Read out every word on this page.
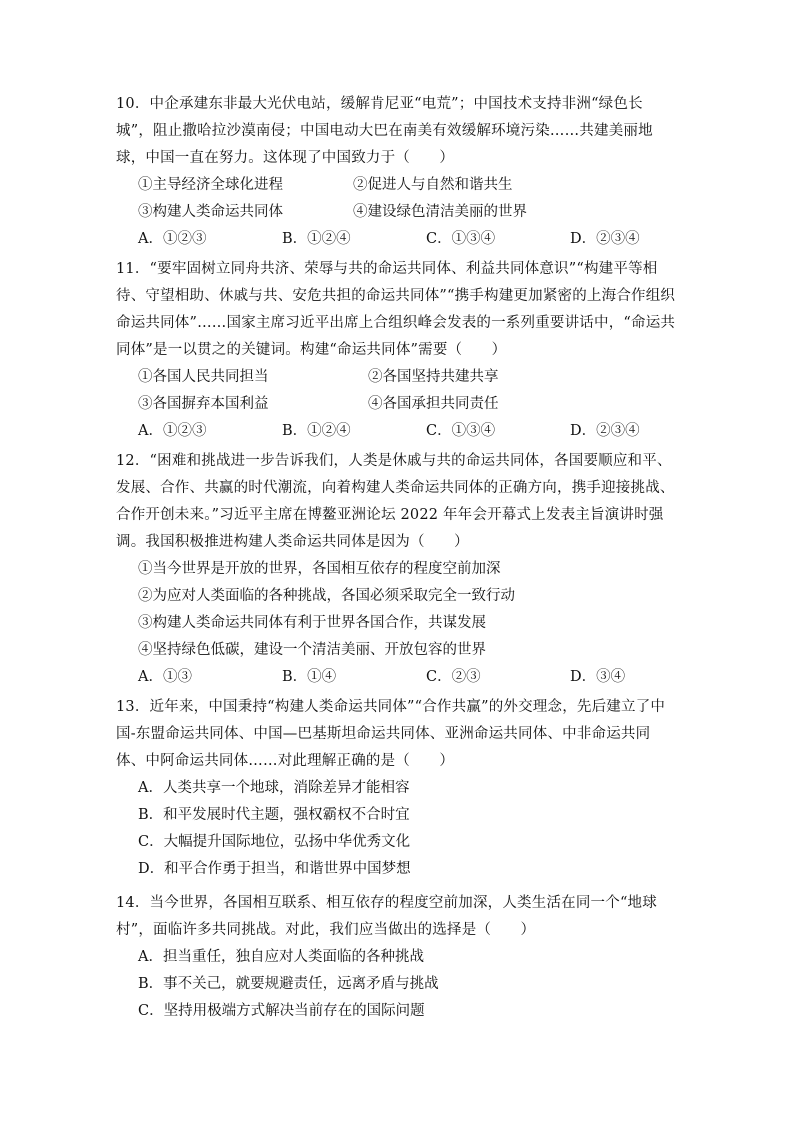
10．中企承建东非最大光伏电站，缓解肯尼亚“电荒”；中国技术支持非洲“绿色长城”，阻止撒哈拉沙漠南侵；中国电动大巴在南美有效缓解环境污染……共建美丽地球，中国一直在努力。这体现了中国致力于（　　）
①主导经济全球化进程	②促进人与自然和谐共生
③构建人类命运共同体	④建设绿色清洁美丽的世界
A．①②③	B．①②④	C．①③④	D．②③④
11．“要牢固树立同舟共济、荣辱与共的命运共同体、利益共同体意识”“构建平等相待、守望相助、休戚与共、安危共担的命运共同体”“携手构建更加紧密的上海合作组织命运共同体”……国家主席习近平出席上合组织峰会发表的一系列重要讲话中，“命运共同体”是一以贯之的关键词。构建“命运共同体”需要（　　）
①各国人民共同担当	②各国坚持共建共享
③各国摒弃本国利益	④各国承担共同责任
A．①②③	B．①②④	C．①③④	D．②③④
12．“困难和挑战进一步告诉我们，人类是休戚与共的命运共同体，各国要顺应和平、发展、合作、共赢的时代潮流，向着构建人类命运共同体的正确方向，携手迎接挑战、合作开创未来。”习近平主席在博鳌亚洲论坛 2022 年年会开幕式上发表主旨演讲时强调。我国积极推进构建人类命运共同体是因为（　　）
①当今世界是开放的世界，各国相互依存的程度空前加深
②为应对人类面临的各种挑战，各国必须采取完全一致行动
③构建人类命运共同体有利于世界各国合作，共谋发展
④坚持绿色低碳，建设一个清洁美丽、开放包容的世界
A．①③	B．①④	C．②③	D．③④
13．近年来，中国秉持“构建人类命运共同体”“合作共赢”的外交理念，先后建立了中国-东盟命运共同体、中国—巴基斯坦命运共同体、亚洲命运共同体、中非命运共同体、中阿命运共同体……对此理解正确的是（　　）
A．人类共享一个地球，消除差异才能相容
B．和平发展时代主题，强权霸权不合时宜
C．大幅提升国际地位，弘扬中华优秀文化
D．和平合作勇于担当，和谐世界中国梦想
14．当今世界，各国相互联系、相互依存的程度空前加深，人类生活在同一个“地球村”，面临许多共同挑战。对此，我们应当做出的选择是（　　）
A．担当重任，独自应对人类面临的各种挑战
B．事不关己，就要规避责任，远离矛盾与挑战
C．坚持用极端方式解决当前存在的国际问题
